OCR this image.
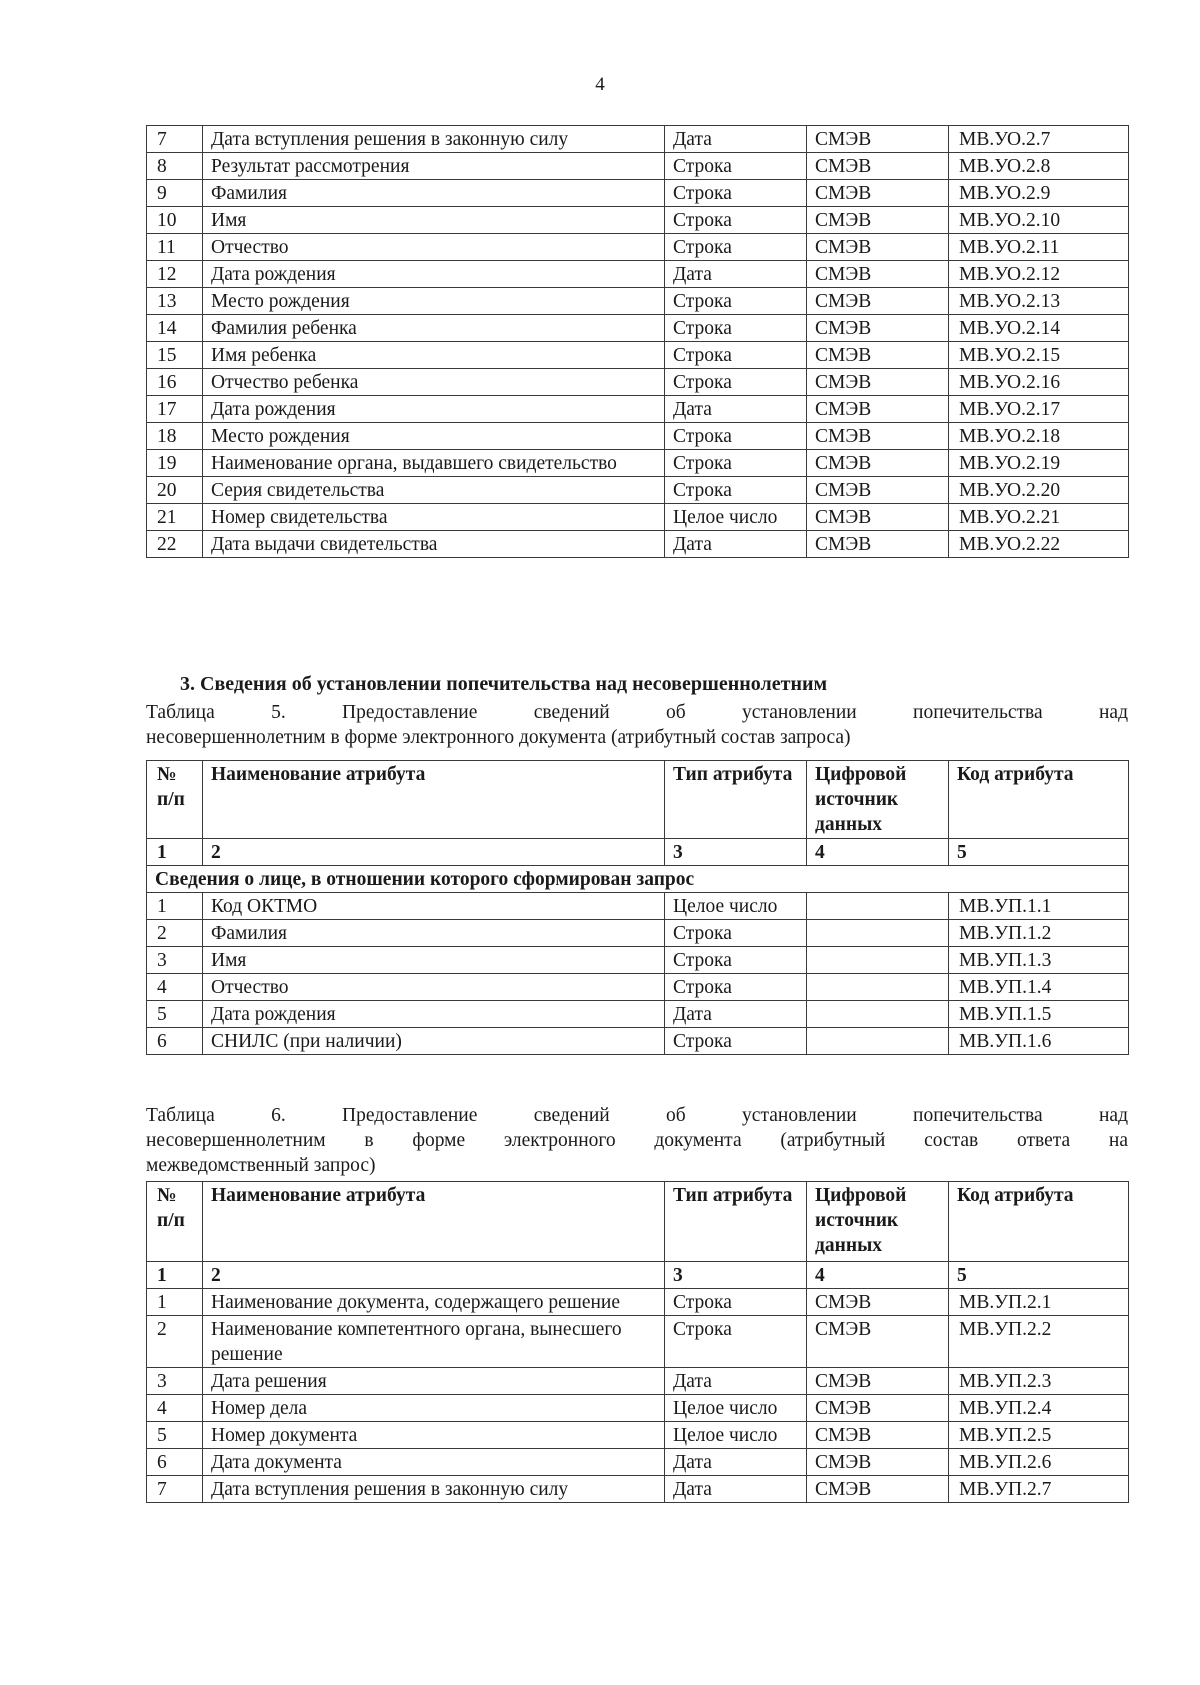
4
7	Дата вступления решения в законную силу	Дата	СМЭВ	МВ.УО.2.7
8	Результат рассмотрения	Строка	СМЭВ	МВ.УО.2.8
9	Фамилия	Строка	СМЭВ	МВ.УО.2.9
10	Имя	Строка	СМЭВ	МВ.УО.2.10
11	Отчество	Строка	СМЭВ	МВ.УО.2.11
12	Дата рождения	Дата	СМЭВ	МВ.УО.2.12
13	Место рождения	Строка	СМЭВ	МВ.УО.2.13
14	Фамилия ребенка	Строка	СМЭВ	МВ.УО.2.14
15	Имя ребенка	Строка	СМЭВ	МВ.УО.2.15
16	Отчество ребенка	Строка	СМЭВ	МВ.УО.2.16
17	Дата рождения	Дата	СМЭВ	МВ.УО.2.17
18	Место рождения	Строка	СМЭВ	МВ.УО.2.18
19	Наименование органа, выдавшего свидетельство	Строка	СМЭВ	МВ.УО.2.19
20	Серия свидетельства	Строка	СМЭВ	МВ.УО.2.20
21	Номер свидетельства	Целое число	СМЭВ	МВ.УО.2.21
22	Дата выдачи свидетельства	Дата	СМЭВ	МВ.УО.2.22
3. Сведения об установлении попечительства над несовершеннолетним
Таблица 5. Предоставление сведений об установлении попечительства над
несовершеннолетним в форме электронного документа (атрибутный состав запроса)
№ п/п	Наименование атрибута	Тип атрибута	Цифровой источник данных	Код атрибута
1	2	3	4	5
Сведения о лице, в отношении которого сформирован запрос				
1	Код ОКТМО	Целое число		МВ.УП.1.1
2	Фамилия	Строка		МВ.УП.1.2
3	Имя	Строка		МВ.УП.1.3
4	Отчество	Строка		МВ.УП.1.4
5	Дата рождения	Дата		МВ.УП.1.5
6	СНИЛС (при наличии)	Строка		МВ.УП.1.6
Таблица 6. Предоставление сведений об установлении попечительства над
несовершеннолетним в форме электронного документа (атрибутный состав ответа на
межведомственный запрос)
№ п/п	Наименование атрибута	Тип атрибута	Цифровой источник данных	Код атрибута
1	2	3	4	5
1	Наименование документа, содержащего решение	Строка	СМЭВ	МВ.УП.2.1
2	Наименование компетентного органа, вынесшего решение	Строка	СМЭВ	МВ.УП.2.2
3	Дата решения	Дата	СМЭВ	МВ.УП.2.3
4	Номер дела	Целое число	СМЭВ	МВ.УП.2.4
5	Номер документа	Целое число	СМЭВ	МВ.УП.2.5
6	Дата документа	Дата	СМЭВ	МВ.УП.2.6
7	Дата вступления решения в законную силу	Дата	СМЭВ	МВ.УП.2.7
